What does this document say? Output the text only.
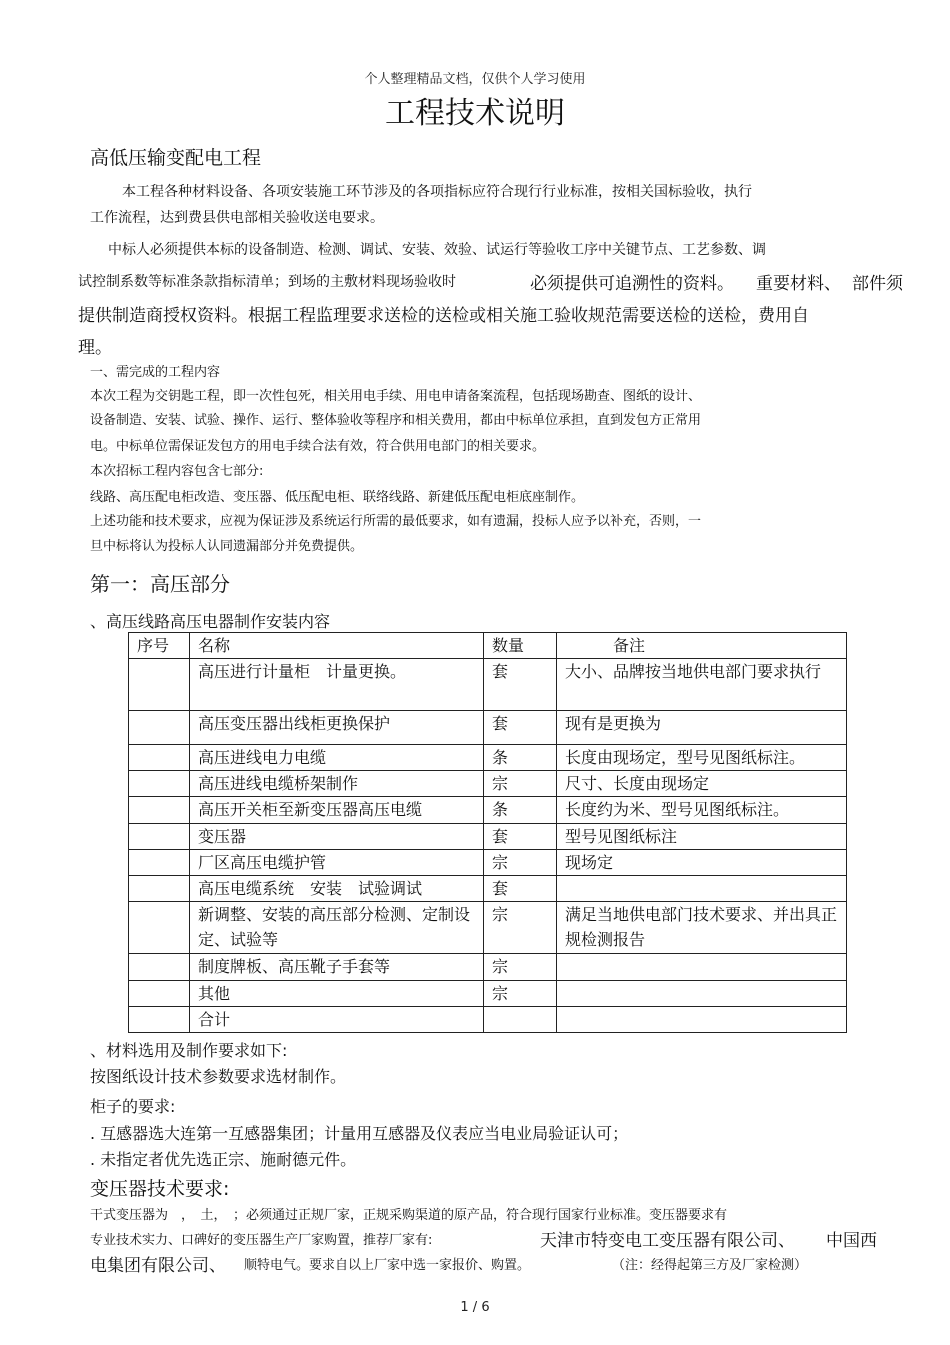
个人整理精品文档，仅供个人学习使用
工程技术说明
高低压输变配电工程
本工程各种材料设备、各项安装施工环节涉及的各项指标应符合现行行业标准，按相关国标验收，执行
工作流程，达到费县供电部相关验收送电要求。
中标人必须提供本标的设备制造、检测、调试、安装、效验、试运行等验收工序中关键节点、工艺参数、调
试控制系数等标准条款指标清单；到场的主敷材料现场验收时	必须提供可追溯性的资料。 重要材料、 部件须
提供制造商授权资料。根据工程监理要求送检的送检或相关施工验收规范需要送检的送检，费用自
理。
一、需完成的工程内容
本次工程为交钥匙工程，即一次性包死，相关用电手续、用电申请备案流程，包括现场勘查、图纸的设计、
设备制造、安装、试验、操作、运行、整体验收等程序和相关费用，都由中标单位承担，直到发包方正常用
电。中标单位需保证发包方的用电手续合法有效，符合供用电部门的相关要求。
本次招标工程内容包含七部分:
线路、高压配电柜改造、变压器、低压配电柜、联络线路、新建低压配电柜底座制作。
上述功能和技术要求，应视为保证涉及系统运行所需的最低要求，如有遗漏，投标人应予以补充，否则，一
旦中标将认为投标人认同遗漏部分并免费提供。
第一：高压部分
、高压线路高压电器制作安装内容
序号	名称	数量	备注
	高压进行计量柜　计量更换。	套	大小、品牌按当地供电部门要求执行
	高压变压器出线柜更换保护	套	现有是更换为
	高压进线电力电缆	条	长度由现场定，型号见图纸标注。
	高压进线电缆桥架制作	宗	尺寸、长度由现场定
	高压开关柜至新变压器高压电缆	条	长度约为米、型号见图纸标注。
	变压器	套	型号见图纸标注
	厂区高压电缆护管	宗	现场定
	高压电缆系统　安装　试验调试	套	
	新调整、安装的高压部分检测、定制设定、试验等	宗	满足当地供电部门技术要求、并出具正规检测报告
	制度牌板、高压靴子手套等	宗	
	其他	宗	
	合计		
、材料选用及制作要求如下:
按图纸设计技术参数要求选材制作。
柜子的要求:
. 互感器选大连第一互感器集团；计量用互感器及仪表应当电业局验证认可；
. 未指定者优先选正宗、施耐德元件。
变压器技术要求:
干式变压器为　，　土，　；必须通过正规厂家，正规采购渠道的原产品，符合现行国家行业标准。变压器要求有
专业技术实力、口碑好的变压器生产厂家购置，推荐厂家有:	天津市特变电工变压器有限公司、 中国西
电集团有限公司、 顺特电气。要求自以上厂家中选一家报价、购置。	（注：经得起第三方及厂家检测）
1 / 6
